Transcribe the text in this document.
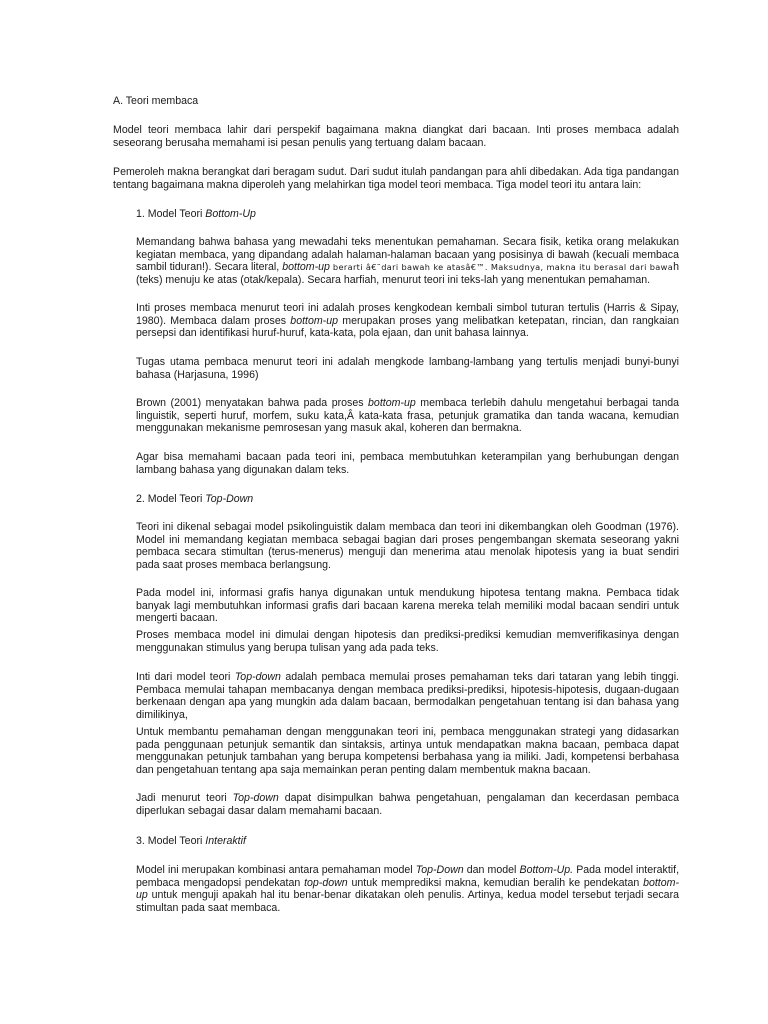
A. Teori membaca

Model teori membaca lahir dari perspekif bagaimana makna diangkat dari bacaan. Inti proses membaca adalah seseorang berusaha memahami isi pesan penulis yang tertuang dalam bacaan.

Pemeroleh makna berangkat dari beragam sudut. Dari sudut itulah pandangan para ahli dibedakan. Ada tiga pandangan tentang bagaimana makna diperoleh yang melahirkan tiga model teori membaca. Tiga model teori itu antara lain:

1. Model Teori Bottom-Up

Memandang bahwa bahasa yang mewadahi teks menentukan pemahaman. Secara fisik, ketika orang melakukan kegiatan membaca, yang dipandang adalah halaman-halaman bacaan yang posisinya di bawah (kecuali membaca sambil tiduran!). Secara literal, bottom-up berarti â€˜dari bawah ke atasâ€™. Maksudnya, makna itu berasal dari bawah (teks) menuju ke atas (otak/kepala). Secara harfiah, menurut teori ini teks-lah yang menentukan pemahaman.

Inti proses membaca menurut teori ini adalah proses kengkodean kembali simbol tuturan tertulis (Harris & Sipay, 1980). Membaca dalam proses bottom-up merupakan proses yang melibatkan ketepatan, rincian, dan rangkaian persepsi dan identifikasi huruf-huruf, kata-kata, pola ejaan, dan unit bahasa lainnya.

Tugas utama pembaca menurut teori ini adalah mengkode lambang-lambang yang tertulis menjadi bunyi-bunyi bahasa (Harjasuna, 1996)

Brown (2001) menyatakan bahwa pada proses bottom-up membaca terlebih dahulu mengetahui berbagai tanda linguistik, seperti huruf, morfem, suku kata,Â kata-kata frasa, petunjuk gramatika dan tanda wacana, kemudian menggunakan mekanisme pemrosesan yang masuk akal, koheren dan bermakna.

Agar bisa memahami bacaan pada teori ini, pembaca membutuhkan keterampilan yang berhubungan dengan lambang bahasa yang digunakan dalam teks.

2. Model Teori Top-Down

Teori ini dikenal sebagai model psikolinguistik dalam membaca dan teori ini dikembangkan oleh Goodman (1976). Model ini memandang kegiatan membaca sebagai bagian dari proses pengembangan skemata seseorang yakni pembaca secara stimultan (terus-menerus) menguji dan menerima atau menolak hipotesis yang ia buat sendiri pada saat proses membaca berlangsung.

Pada model ini, informasi grafis hanya digunakan untuk mendukung hipotesa tentang makna. Pembaca tidak banyak lagi membutuhkan informasi grafis dari bacaan karena mereka telah memiliki modal bacaan sendiri untuk mengerti bacaan.

Proses membaca model ini dimulai dengan hipotesis dan prediksi-prediksi kemudian memverifikasinya dengan menggunakan stimulus yang berupa tulisan yang ada pada teks.

Inti dari model teori Top-down adalah pembaca memulai proses pemahaman teks dari tataran yang lebih tinggi. Pembaca memulai tahapan membacanya dengan membaca prediksi-prediksi, hipotesis-hipotesis, dugaan-dugaan berkenaan dengan apa yang mungkin ada dalam bacaan, bermodalkan pengetahuan tentang isi dan bahasa yang dimilikinya,

Untuk membantu pemahaman dengan menggunakan teori ini, pembaca menggunakan strategi yang didasarkan pada penggunaan petunjuk semantik dan sintaksis, artinya untuk mendapatkan makna bacaan, pembaca dapat menggunakan petunjuk tambahan yang berupa kompetensi berbahasa yang ia miliki. Jadi, kompetensi berbahasa dan pengetahuan tentang apa saja memainkan peran penting dalam membentuk makna bacaan.

Jadi menurut teori Top-down dapat disimpulkan bahwa pengetahuan, pengalaman dan kecerdasan pembaca diperlukan sebagai dasar dalam memahami bacaan.

3. Model Teori Interaktif

Model ini merupakan kombinasi antara pemahaman model Top-Down dan model Bottom-Up. Pada model interaktif, pembaca mengadopsi pendekatan top-down untuk memprediksi makna, kemudian beralih ke pendekatan bottom-up untuk menguji apakah hal itu benar-benar dikatakan oleh penulis. Artinya, kedua model tersebut terjadi secara stimultan pada saat membaca.
